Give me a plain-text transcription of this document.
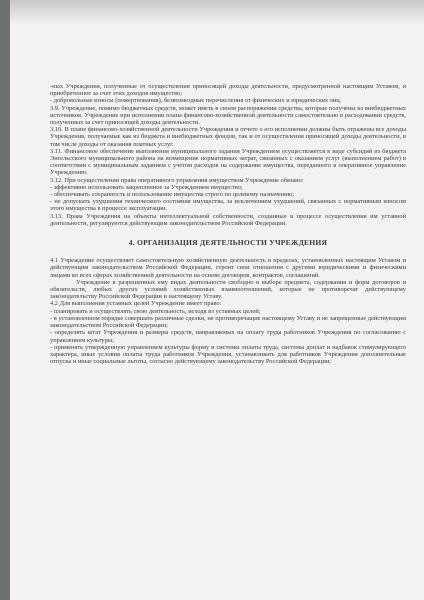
-ных Учреждения, полученные от осуществления приносящей доходы деятельности, предусмотренной настоящим Уставом, и приобретенное за счет этих доходов имущество;

- добровольные взносы (пожертвования), безвозмездные перечисления от физических и юридических лиц.

3.9. Учреждение, помимо бюджетных средств, может иметь в своем распоряжении средства, которые получены из внебюджетных источников. Учреждение при исполнении плана финансово-хозяйственной деятельности самостоятельно в расходовании средств, полученных за счет приносящей доходы деятельности.

3.10. В плане финансово-хозяйственной деятельности Учреждения и отчете о его исполнении должны быть отражены все доходы Учреждения, получаемые как из бюджета и внебюджетных фондов, так и от осуществления приносящей доходы деятельности, в том числе доходы от оказания платных услуг.

3.11. Финансовое обеспечение выполнения муниципального задания Учреждением осуществляется в виде субсидий из бюджета Энгельсского муниципального района на возмещение нормативных затрат, связанных с оказанием услуг (выполнением работ) в соответствии с муниципальным заданием с учетом расходов на содержание имущества, переданного в оперативное управление Учреждению.

3.12. При осуществлении права оперативного управления имуществом Учреждение обязано:

- эффективно использовать закрепленное за Учреждением имущество;

- обеспечивать сохранность и использование имущества строго по целевому назначению;

- не допускать ухудшения технического состояния имущества, за исключением ухудшений, связанных с нормативным износом этого имущества в процессе эксплуатации.

3.13. Права Учреждения на объекты интеллектуальной собственности, созданные в процессе осуществления им уставной деятельности, регулируются действующим законодательством Российской Федерации.

4. ОРГАНИЗАЦИЯ ДЕЯТЕЛЬНОСТИ УЧРЕЖДЕНИЯ

4.1 Учреждение осуществляет самостоятельную хозяйственную деятельность в пределах, установленных настоящим Уставом и действующим законодательством Российской Федерации, строит свои отношения с другими юридическими и физическими лицами во всех сферах хозяйственной деятельности на основе договоров, контрактов, соглашений.

Учреждение в разрешенных ему видах деятельности свободно в выборе предмета, содержания и форм договоров и обязательств, любых других условий хозяйственных взаимоотношений, которые не противоречат действующему законодательству Российской Федерации и настоящему Уставу.

4.2 Для выполнения уставных целей Учреждение имеет право:

- планировать и осуществлять свою деятельность, исходя из уставных целей;

- в установленном порядке совершать различные сделки, не противоречащие настоящему Уставу и не запрещенные действующим законодательством Российской Федерации;

- определять штат Учреждения и размеры средств, направляемых на оплату труда работников Учреждения по согласованию с управлением культуры;

- применять утвержденную управлением культуры форму и системы оплаты труда, системы доплат и надбавок стимулирующего характера, иные условия оплаты труда работников Учреждения, устанавливать для работников Учреждения дополнительные отпуска и иные социальные льготы, согласно действующему законодательству Российской Федерации;
